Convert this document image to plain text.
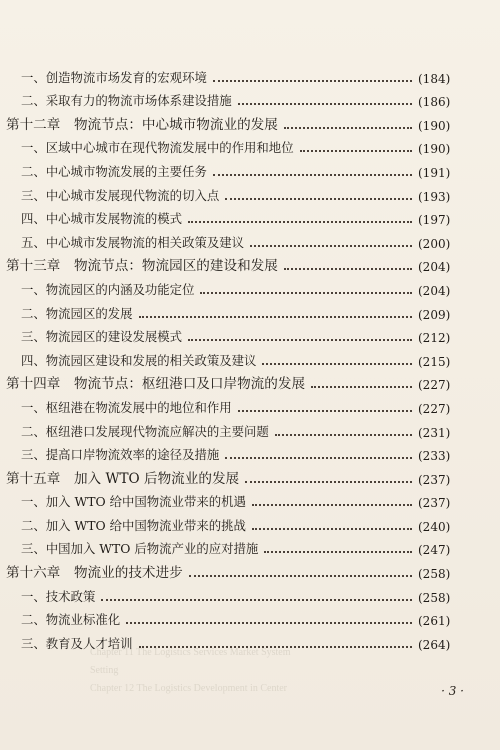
一、创造物流市场发育的宏观环境	(184)
二、采取有力的物流市场体系建设措施	(186)
第十二章　物流节点：中心城市物流业的发展	(190)
一、区域中心城市在现代物流发展中的作用和地位	(190)
二、中心城市物流发展的主要任务	(191)
三、中心城市发展现代物流的切入点	(193)
四、中心城市发展物流的模式	(197)
五、中心城市发展物流的相关政策及建议	(200)
第十三章　物流节点：物流园区的建设和发展	(204)
一、物流园区的内涵及功能定位	(204)
二、物流园区的发展	(209)
三、物流园区的建设发展模式	(212)
四、物流园区建设和发展的相关政策及建议	(215)
第十四章　物流节点：枢纽港口及口岸物流的发展	(227)
一、枢纽港在物流发展中的地位和作用	(227)
二、枢纽港口发展现代物流应解决的主要问题	(231)
三、提高口岸物流效率的途径及措施	(233)
第十五章　加入 WTO 后物流业的发展	(237)
一、加入 WTO 给中国物流业带来的机遇	(237)
二、加入 WTO 给中国物流业带来的挑战	(240)
三、中国加入 WTO 后物流产业的应对措施	(247)
第十六章　物流业的技术进步	(258)
一、技术政策	(258)
二、物流业标准化	(261)
三、教育及人才培训	(264)
Chapter 11 The Logistics Services Market System
Setting
Chapter 12 The Logistics Development in Center	· 3 ·
